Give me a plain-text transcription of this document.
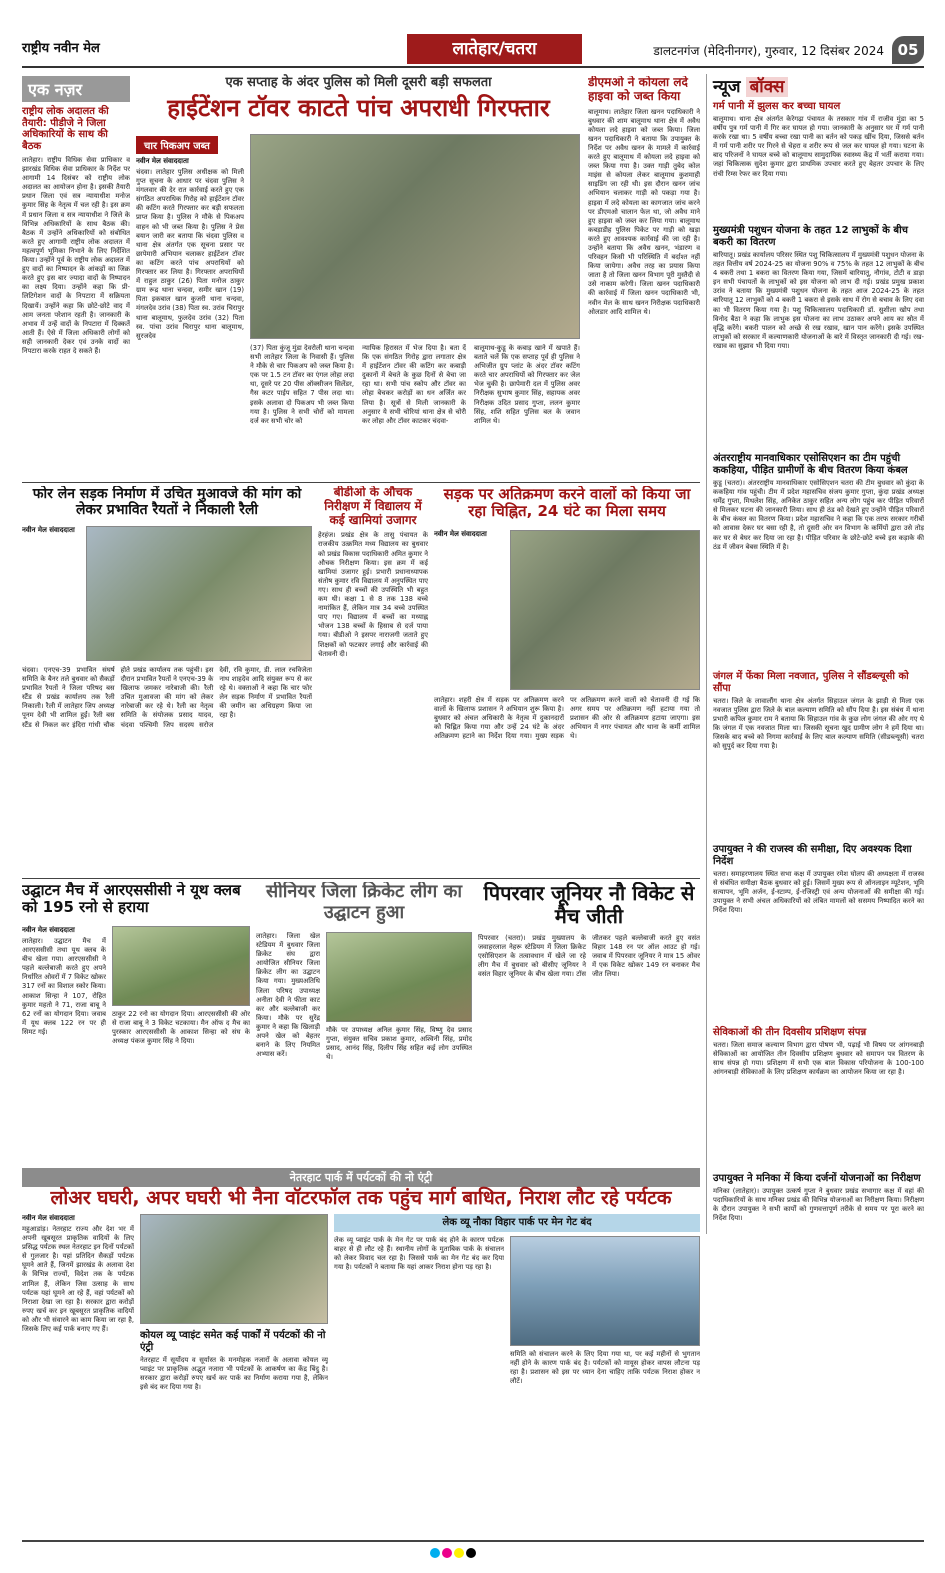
राष्ट्रीय नवीन मेल	लातेहार/चतरा	डालटनगंज (मेदिनीनगर), गुरुवार, 12 दिसंबर 2024 05
एक नज़र
राष्ट्रीय लोक अदालत की तैयारी: पीडीजे ने जिला अधिकारियों के साथ की बैठक
लातेहार। राष्ट्रीय विधिक सेवा प्राधिकार व झारखंड विधिक सेवा प्राधिकार के निर्देश पर आगामी 14 दिसंबर को राष्ट्रीय लोक अदालत का आयोजन होना है। इसकी तैयारी प्रधान जिला एवं सत्र न्यायाधीश मनोज कुमार सिंह के नेतृत्व में चल रही है। इस क्रम में प्रधान जिला व सत्र न्यायाधीश ने जिले के विभिन्न अधिकारियों के साथ बैठक की। बैठक में उन्होंने अधिकारियों को संबोधित करते हुए आगामी राष्ट्रीय लोक अदालत में महत्वपूर्ण भूमिका निभाने के लिए निर्देशित किया। उन्होंने पूर्व के राष्ट्रीय लोक अदालत में हुए वादों का निष्पादन के आंकड़ों का जिक्र करते हुए इस बार ज्यादा वादों के निष्पादन का लक्ष्य दिया। उन्होंने कहा कि प्री-लिटिगेशन वादों के निपटारा में सक्रियता दिखायें। उन्होंने कहा कि छोटे-छोटे वाद में आम जनता परेशान रहती है। जानकारी के अभाव में उन्हें वादों के निपटारा में दिक्कतें आती हैं। ऐसे में जिला अधिकारी लोगों को सही जानकारी देकर एवं उनके वादों का निपटारा करके राहत दे सकते हैं।
एक सप्ताह के अंदर पुलिस को मिली दूसरी बड़ी सफलता
हाईटेंशन टॉवर काटते पांच अपराधी गिरफ्तार
चार पिकअप जब्त
नवीन मेल संवाददाता
चंदवा। लातेहार पुलिस अधीक्षक को मिली गुप्त सूचना के आधार पर चंदवा पुलिस ने मंगलवार की देर रात कार्रवाई करते हुए एक संगठित अपराधिक गिरोह को हाईटेंशन टॉवर की कटिंग करते गिरफ्तार कर बड़ी सफलता प्राप्त किया है। पुलिस ने मौके से पिकअप वाहन को भी जब्त किया है। पुलिस ने प्रेस बयान जारी कर बताया कि चंदवा पुलिस व थाना क्षेत्र अंतर्गत एक सूचना प्रसार पर छापेमारी अभियान चलाकर हाईटेंशन टॉवर का कटिंग करते पांच अपराधियों को गिरफ्तार कर लिया है। गिरफ्तार अपराधियों में राहुल ठाकुर (26) पिता मनोज ठाकुर ग्राम रूद्र थाना चन्दवा, समीर खान (19) पिता इकबाल खान कुजरी थाना चन्दवा, मंगलदेव उरांव (38) पिता स्व. उरांव चिरापुर थाना बालूमाथ, फुलदेव उरांव (32) पिता स्व. पांचा उरांव चिरापुर थाना बालूमाथ, सुरजदेव
(37) पिता कुंजू मुंडा देवरोली थाना चन्दवा सभी लातेहार जिला के निवासी हैं। पुलिस ने मौके से चार पिकअप को जब्त किया है। एक पर 1.5 टन टॉवर का एंगल लोहा लदा था, दूसरे पर 20 पीस ऑक्सीजन सिलेंडर, गैस कटर पाईप सहित 7 पीस लदा था। इसके अलावा दो पिकअप भी जब्त किया गया है। पुलिस ने सभी चोरों को मामला दर्ज कर सभी चोर को
न्यायिक हिरासत में भेज दिया है। बता दें कि एक संगठित गिरोह द्वारा लगातार क्षेत्र में हाईटेंशन टॉवर की कटिंग कर कबाड़ी दुकानों में बेचते के कुछ दिनों से बेचा जा रहा था। सभी पांच स्कोप और टॉवर का लोहा बेचकर करोड़ों का धन अर्जित कर लिया है। सूत्रों से मिली जानकारी के अनुसार ये सभी चोरियां थाना क्षेत्र से चोरी कर लोहा और टॉवर काटकर चंदवा-
बालूमाथ-कुडू के कबाड़ खाने में खपाते हैं। बताते चलें कि एक सप्ताह पूर्व ही पुलिस ने अभिजीत ग्रुप प्लांट के अंदर टॉवर कटिंग करते चार अपराधियों को गिरफ्तार कर जेल भेज चुकी है। छापेमारी दल में पुलिस अवर निरीक्षक सुभाष कुमार सिंह, सहायक अवर निरीक्षक उदित प्रसाद गुप्ता, ललन कुमार सिंह, शशि सहित पुलिस बल के जवान शामिल थे।
डीएमओ ने कोयला लदे हाइवा को जब्त किया
बालूमाथ। लातेहार जिला खनन पदाधिकारी ने बुधवार की शाम बालूमाथ थाना क्षेत्र में अवैध कोयला लदे हाइवा को जब्त किया। जिला खनन पदाधिकारी ने बताया कि उपायुक्त के निर्देश पर अवैध खनन के मामले में कार्रवाई करते हुए बालूमाथ में कोयला लदे हाइवा को जब्त किया गया है। उक्त गाड़ी तुबेद कोल माइंस से कोयला लेकर बालूमाथ कुशमाही साइडिंग जा रही थी। इस दौरान खनन जांच अभियान चलाकर गाड़ी को पकड़ा गया है। हाइवा में लदे कोयला का कागजात जांच करने पर डीएमओ चालान फेल था, जो अवैध माने हुए हाइवा को जब्त कर लिया गया। बालूमाथ कबड़ाडीह पुलिस पिकेट पर गाड़ी को खड़ा करते हुए आवश्यक कार्रवाई की जा रही है। उन्होंने बताया कि अवैध खनन, भंडारण व परिवहन किसी भी परिस्थिति में बर्दाश्त नहीं किया जायेगा। अवैध तरह का प्रयास किया जाता है तो जिला खनन विभाग पूरी मुस्तैदी से उसे नाकाम करेगी। जिला खनन पदाधिकारी की कार्रवाई में जिला खनन पदाधिकारी भी, नवीन मेल के साथ खनन निरीक्षक पदाधिकारी ओलडार आदि शामिल थे।
न्यूज बॉक्स
गर्म पानी में झुलस कर बच्चा घायल
बालूमाथ। थाना क्षेत्र अंतर्गत केरेगढ़ा पंचायत के तसकार गांव में राजीव मुंडा का 5 वर्षीय पुत्र गर्म पानी में गिर कर घायल हो गया। जानकारी के अनुसार घर में गर्म पानी करके रखा था। 5 वर्षीय बच्चा रखा पानी का बर्तन को पकड़ खींच दिया, जिससे बर्तन में गर्म पानी शरीर पर गिरने से चेहरा व शरीर रूप से जल कर घायल हो गया। घटना के बाद परिजनों ने घायल बच्चे को बालूमाथ सामुदायिक स्वास्थ्य केंद्र में भर्ती कराया गया। जहां चिकित्सक सुदेश कुमार द्वारा प्राथमिक उपचार करते हुए बेहतर उपचार के लिए रांची रिम्स रेफर कर दिया गया।
मुख्यमंत्री पशुधन योजना के तहत 12 लाभुकों के बीच बकरी का वितरण
बारियातू। प्रखंड कार्यालय परिसर स्थित पशु चिकित्सालय में मुख्यमंत्री पशुधन योजना के तहत वित्तीय वर्ष 2024-25 का योजना 90% व 75% के तहत 12 लाभुकों के बीच 4 बकरी तथा 1 बकरा का वितरण किया गया, जिसमें बारियातू, नौगांव, टोटी व डाड़ा इन सभी पंचायतों के लाभुकों को इस योजना को लाभ दी गई। प्रखंड प्रमुख प्रकाश उरांव ने बताया कि मुख्यमंत्री पशुधन योजना के तहत आज 2024-25 के तहत बारियातू 12 लाभुकों को 4 बकरी 1 बकरा से इसके साथ में रोग से बचाव के लिए दवा का भी वितरण किया गया है। पशु चिकित्सालय पदाधिकारी डॉ. सुशीला खोप तथा विनोद बैठा ने कहा कि लाभुक इस योजना का लाभ उठाकर अपने आय का स्रोत में वृद्धि करेंगे। बकरी पालन को अच्छे से रख रखाव, खान पान करेंगे। इसके उपस्थित लाभुकों को सरकार में कल्याणकारी योजनाओं के बारे में विस्तृत जानकारी दी गई। रख-रखाव का सुझाव भी दिया गया।
अंतरराष्ट्रीय मानवाधिकार एसोसिएशन का टीम पहुंची ककहिया, पीड़ित ग्रामीणों के बीच वितरण किया कंबल
कुडू (चतरा)। अंतरराष्ट्रीय मानवाधिकार एसोसिएशन चतरा की टीम बुधवार को कुंदा के ककहिया गांव पहुंची। टीम में प्रदेश महासचिव संजय कुमार गुप्ता, कुंदा प्रखंड अध्यक्ष धर्मेंद्र गुप्ता, मिथलेश सिंह, अनिकेत ठाकुर सहित अन्य लोग पहुंच कर पीड़ित परिवारों से मिलकर घटना की जानकारी लिया। साथ ही ठंड को देखते हुए उन्होंने पीड़ित परिवारों के बीच कंबल का वितरण किया। प्रदेश महासचिव ने कहा कि एक तरफ सरकार गरीबों को आवास देकर घर बसा रही है, तो दूसरी ओर वन विभाग के कर्मियों द्वारा उसे तोड़ कर घर से बेघर कर दिया जा रहा है। पीड़ित परिवार के छोटे-छोटे बच्चे इस कड़ाके की ठंड में जीवन बेबस स्थिति में है।
जंगल में फेंका मिला नवजात, पुलिस ने सौंडब्ल्यूसी को सौंपा
चतरा। जिले के लावालौंग थाना क्षेत्र अंतर्गत सिहाउल जंगल के झाड़ी से मिला एक नवजात पुलिस द्वारा जिले के बाल कल्याण समिति को सौंप दिया है। इस संबंध में थाना प्रभारी कपिल कुमार राम ने बताया कि सिहाउल गांव के कुछ लोग जंगल की ओर गए थे कि जंगल में एक नवजात मिला था। जिसकी सूचना खुद ग्रामीण लोग ने हमें दिया था। जिसके बाद बच्चे को निगमा कार्रवाई के लिए बाल कल्याण समिति (सीडब्ल्यूसी) चतरा को सुपुर्द कर दिया गया है।
उपायुक्त ने की राजस्व की समीक्षा, दिए अवश्यक दिशा निर्देश
चतरा। समाहरणालय स्थित सभा कक्ष में उपायुक्त रमेश घोलप की अध्यक्षता में राजस्व से संबंधित समीक्षा बैठक बुधवार को हुई। जिसमें मुख्य रूप से ऑनलाइन म्यूटेशन, भूमि सत्यापन, भूमि अर्जन, ई-स्टाम्प, ई-रजिस्ट्री एवं अन्य योजनाओं की समीक्षा की गई। उपायुक्त ने सभी अंचल अधिकारियों को लंबित मामलों को ससमय निष्पादित करने का निर्देश दिया।
सेविकाओं की तीन दिवसीय प्रशिक्षण संपन्न
चतरा। जिला समाज कल्याण विभाग द्वारा पोषण भी, पढ़ाई भी विषय पर आंगनबाड़ी सेविकाओं का आयोजित तीन दिवसीय प्रशिक्षण बुधवार को समापन पत्र वितरण के साथ संपन्न हो गया। प्रशिक्षण में सभी एक बाल विकास परियोजना के 100-100 आंगनबाड़ी सेविकाओं के लिए प्रशिक्षण कार्यक्रम का आयोजन किया जा रहा है।
उपायुक्त ने मनिका में किया दर्जनों योजनाओं का निरीक्षण
मनिका (लातेहार)। उपायुक्त उत्कर्ष गुप्ता ने बुधवार प्रखंड सभागार कक्ष में वहां की पदाधिकारियों के साथ मनिका प्रखंड की विभिन्न योजनाओं का निरीक्षण किया। निरीक्षण के दौरान उपायुक्त ने सभी कार्यों को गुणवत्तापूर्ण तरीके से समय पर पूरा करने का निर्देश दिया।
फोर लेन सड़क निर्माण में उचित मुआवजे की मांग को लेकर प्रभावित रैयतों ने निकाली रैली
नवीन मेल संवाददाता
चंदवा। एनएच-39 प्रभावित संघर्ष समिति के बैनर तले बुधवार को सैकड़ों प्रभावित रैयतों ने जिला परिषद बस स्टैंड से प्रखंड कार्यालय तक रैली निकाली। रैली में लातेहार जिप अध्यक्ष पूनम देवी भी शामिल हुईं। रैली बस स्टैंड से निकल कर इंदिरा गांधी चौक होते प्रखंड कार्यालय तक पहुंची। इस दौरान प्रभावित रैयतों ने एनएच-39 के खिलाफ जमकर नारेबाजी की। रैली उचित मुआवजा की मांग को लेकर नारेबाजी कर रहे थे। रैली का नेतृत्व समिति के संयोजक प्रसाद यादव, चंदवा पश्चिमी जिप सदस्य सरोज देवी, रवि कुमार, डी. लाल रचविजेता नाथ शाहदेव आदि संयुक्त रूप से कर रहे थे। वक्ताओं ने कहा कि चार फोर लेन सड़क निर्माण में प्रभावित रैयतों की जमीन का अधिग्रहण किया जा रहा है।
बीडीओ के औचक निरीक्षण में विद्यालय में कई खामियां उजागर
हेरहंज। प्रखंड क्षेत्र के तासु पंचायत के राजकीय उत्क्रमित मध्य विद्यालय का बुधवार को प्रखंड विकास पदाधिकारी अमित कुमार ने औचक निरीक्षण किया। इस क्रम में कई खामियां उजागर हुई। प्रभारी प्रधानाध्यापक संतोष कुमार रवि विद्यालय में अनुपस्थित पाए गए। साथ ही बच्चों की उपस्थिति भी बहुत कम थी। कक्षा 1 से 8 तक 138 बच्चे नामांकित हैं, लेकिन मात्र 34 बच्चे उपस्थित पाए गए। विद्यालय में बच्चों का मध्याह्न भोजन 138 बच्चों के हिसाब से दर्ज पाया गया। बीडीओ ने इसपर नाराजगी जताते हुए शिक्षकों को फटकार लगाई और कार्रवाई की चेतावनी दी।
सड़क पर अतिक्रमण करने वालों को किया जा रहा चिह्नित, 24 घंटे का मिला समय
नवीन मेल संवाददाता
लातेहार। शहरी क्षेत्र में सड़क पर अतिक्रमण करने वालों के खिलाफ प्रशासन ने अभियान शुरू किया है। बुधवार को अंचल अधिकारी के नेतृत्व में दुकानदारों को चिह्नित किया गया और उन्हें 24 घंटे के अंदर अतिक्रमण हटाने का निर्देश दिया गया। मुख्य सड़क पर अतिक्रमण करने वालों को चेतावनी दी गई कि अगर समय पर अतिक्रमण नहीं हटाया गया तो प्रशासन की ओर से अतिक्रमण हटाया जाएगा। इस अभियान में नगर पंचायत और थाना के कर्मी शामिल थे।
उद्घाटन मैच में आरएससीसी ने यूथ क्लब को 195 रनो से हराया
नवीन मेल संवाददाता
लातेहार। उद्घाटन मैच में आरएससीसी तथा यूथ क्लब के बीच खेला गया। आरएससीसी ने पहले बल्लेबाजी करते हुए अपने निर्धारित ओवरों में 7 विकेट खोकर 317 रनों का विशाल स्कोर किया। आकाश सिन्हा ने 107, रोहित कुमार महतो ने 71, राजा बाबू ने 62 रनों का योगदान दिया। जवाब में यूथ क्लब 122 रन पर ही सिमट गई।
ठाकुर 22 रनो का योगदान दिया। आरएससीसी की ओर से राजा बाबू ने 3 विकेट चटकाया। मैन ऑफ द मैच का पुरस्कार आरएससीसी के आकाश सिन्हा को संघ के अध्यक्ष पंकज कुमार सिंह ने दिया।
सीनियर जिला क्रिकेट लीग का उद्घाटन हुआ
लातेहार। जिला खेल स्टेडियम में बुधवार जिला क्रिकेट संघ द्वारा आयोजित सीनियर जिला क्रिकेट लीग का उद्घाटन किया गया। मुख्यअतिथि जिला परिषद उपाध्यक्ष अनीता देवी ने फीता काट कर और बल्लेबाजी कर किया। मौके पर सुरेंद्र कुमार ने कहा कि खिलाड़ी अपने खेल को बेहतर बनाने के लिए नियमित अभ्यास करें।
मौके पर उपाध्यक्ष अनिल कुमार सिंह, विष्णु देव प्रसाद गुप्ता, संयुक्त सचिव प्रकाश कुमार, अश्विनी सिंह, प्रमोद प्रसाद, आनंद सिंह, दिलीप सिंह सहित कई लोग उपस्थित थे।
पिपरवार जूनियर नौ विकेट से मैच जीती
पिपरवार (चतरा)। प्रखंड मुख्यालय के जवाहरलाल नेहरू स्टेडियम में जिला क्रिकेट एसोसिएशन के तत्वावधान में खेले जा रहे लीग मैच में बुधवार को बीसीए जूनियर ने वसंत विहार जूनियर के बीच खेला गया। टॉस जीतकर पहले बल्लेबाजी करते हुए वसंत विहार 148 रन पर ऑल आउट हो गई। जवाब में पिपरवार जूनियर ने मात्र 15 ओवर में एक विकेट खोकर 149 रन बनाकर मैच जीत लिया।
नेतरहाट पार्क में पर्यटकों की नो एंट्री
लोअर घघरी, अपर घघरी भी नैना वॉटरफॉल तक पहुंच मार्ग बाधित, निराश लौट रहे पर्यटक
नवीन मेल संवाददाता
महुआडांड़। नेतरहाट राज्य और देश भर में अपनी खूबसूरत प्राकृतिक वादियों के लिए प्रसिद्ध पर्यटक स्थल नेतरहाट इन दिनों पर्यटकों से गुलजार है। यहां प्रतिदिन सैकड़ों पर्यटक घूमने आते हैं, जिनमें झारखंड के अलावा देश के विभिन्न राज्यों, विदेश तक के पर्यटक शामिल हैं, लेकिन जिस उत्साह के साथ पर्यटक यहां घूमने आ रहे हैं, वहां पर्यटकों को निराशा देखा जा रहा है। सरकार द्वारा करोड़ों रुपए खर्च कर इन खूबसूरत प्राकृतिक वादियों को और भी संवारने का काम किया जा रहा है, जिसके लिए कई पार्क बनाए गए हैं।
कोयल व्यू प्वाइंट समेत कई पार्कों में पर्यटकों की नो एंट्री
नेतरहाट में सूर्योदय व सूर्यास्त के मनमोहक नजारों के अलावा कोयल व्यू प्वाइंट पर प्राकृतिक अद्भुत नजारा भी पर्यटकों के आकर्षण का केंद्र बिंदु है। सरकार द्वारा करोड़ों रुपए खर्च कर पार्क का निर्माण कराया गया है, लेकिन इसे बंद कर दिया गया है।
लेक व्यू नौका विहार पार्क पर मेन गेट बंद
लेक व्यू प्वाइंट पार्क के मेन गेट पर पार्क बंद होने के कारण पर्यटक बाहर से ही लौट रहे हैं। स्थानीय लोगों के मुताबिक पार्क के संचालन को लेकर विवाद चल रहा है। जिससे पार्क का मेन गेट बंद कर दिया गया है। पर्यटकों ने बताया कि यहां आकर निराश होना पड़ रहा है।
समिति को संचालन करने के लिए दिया गया था, पर कई महीनों से भुगतान नहीं होने के कारण पार्क बंद है। पर्यटकों को मायूस होकर वापस लौटना पड़ रहा है। प्रशासन को इस पर ध्यान देना चाहिए ताकि पर्यटक निराश होकर न लौटें।
